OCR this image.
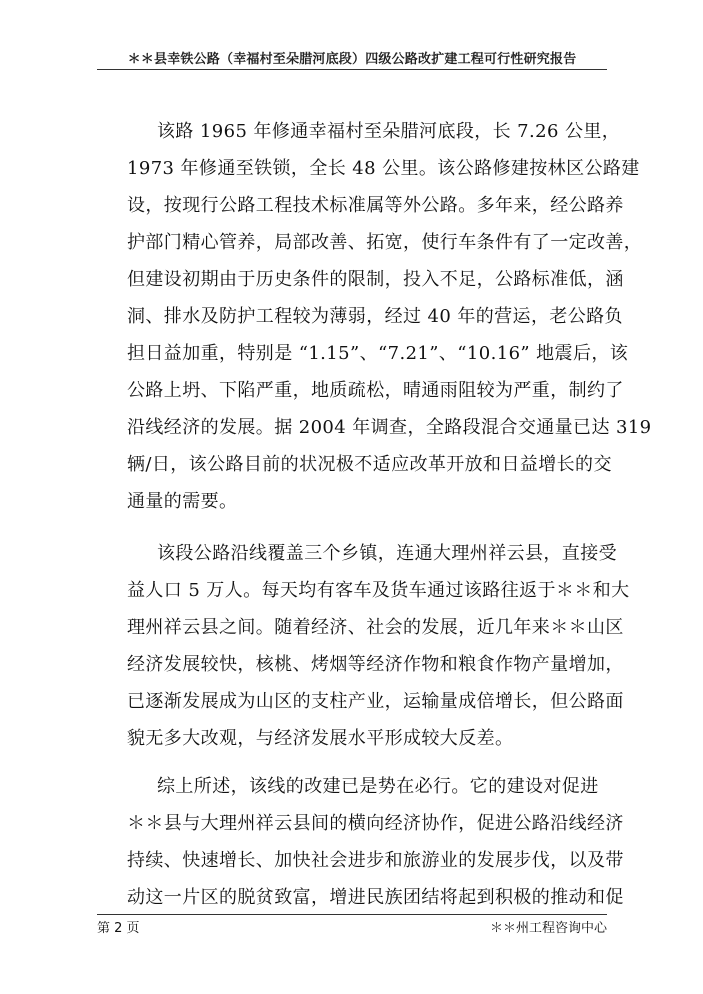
＊＊县幸铁公路（幸福村至朵腊河底段）四级公路改扩建工程可行性研究报告
该路 1965 年修通幸福村至朵腊河底段，长 7.26 公里，
1973 年修通至铁锁，全长 48 公里。该公路修建按林区公路建
设，按现行公路工程技术标准属等外公路。多年来，经公路养
护部门精心管养，局部改善、拓宽，使行车条件有了一定改善，
但建设初期由于历史条件的限制，投入不足，公路标准低，涵
洞、排水及防护工程较为薄弱，经过 40 年的营运，老公路负
担日益加重，特别是 “1.15”、“7.21”、“10.16” 地震后，该
公路上坍、下陷严重，地质疏松，晴通雨阻较为严重，制约了
沿线经济的发展。据 2004 年调查，全路段混合交通量已达 319
辆/日，该公路目前的状况极不适应改革开放和日益增长的交
通量的需要。
该段公路沿线覆盖三个乡镇，连通大理州祥云县，直接受
益人口 5 万人。每天均有客车及货车通过该路往返于＊＊和大
理州祥云县之间。随着经济、社会的发展，近几年来＊＊山区
经济发展较快，核桃、烤烟等经济作物和粮食作物产量增加，
已逐渐发展成为山区的支柱产业，运输量成倍增长，但公路面
貌无多大改观，与经济发展水平形成较大反差。
综上所述，该线的改建已是势在必行。它的建设对促进
＊＊县与大理州祥云县间的横向经济协作，促进公路沿线经济
持续、快速增长、加快社会进步和旅游业的发展步伐，以及带
动这一片区的脱贫致富，增进民族团结将起到积极的推动和促
第 2 页	＊＊州工程咨询中心
